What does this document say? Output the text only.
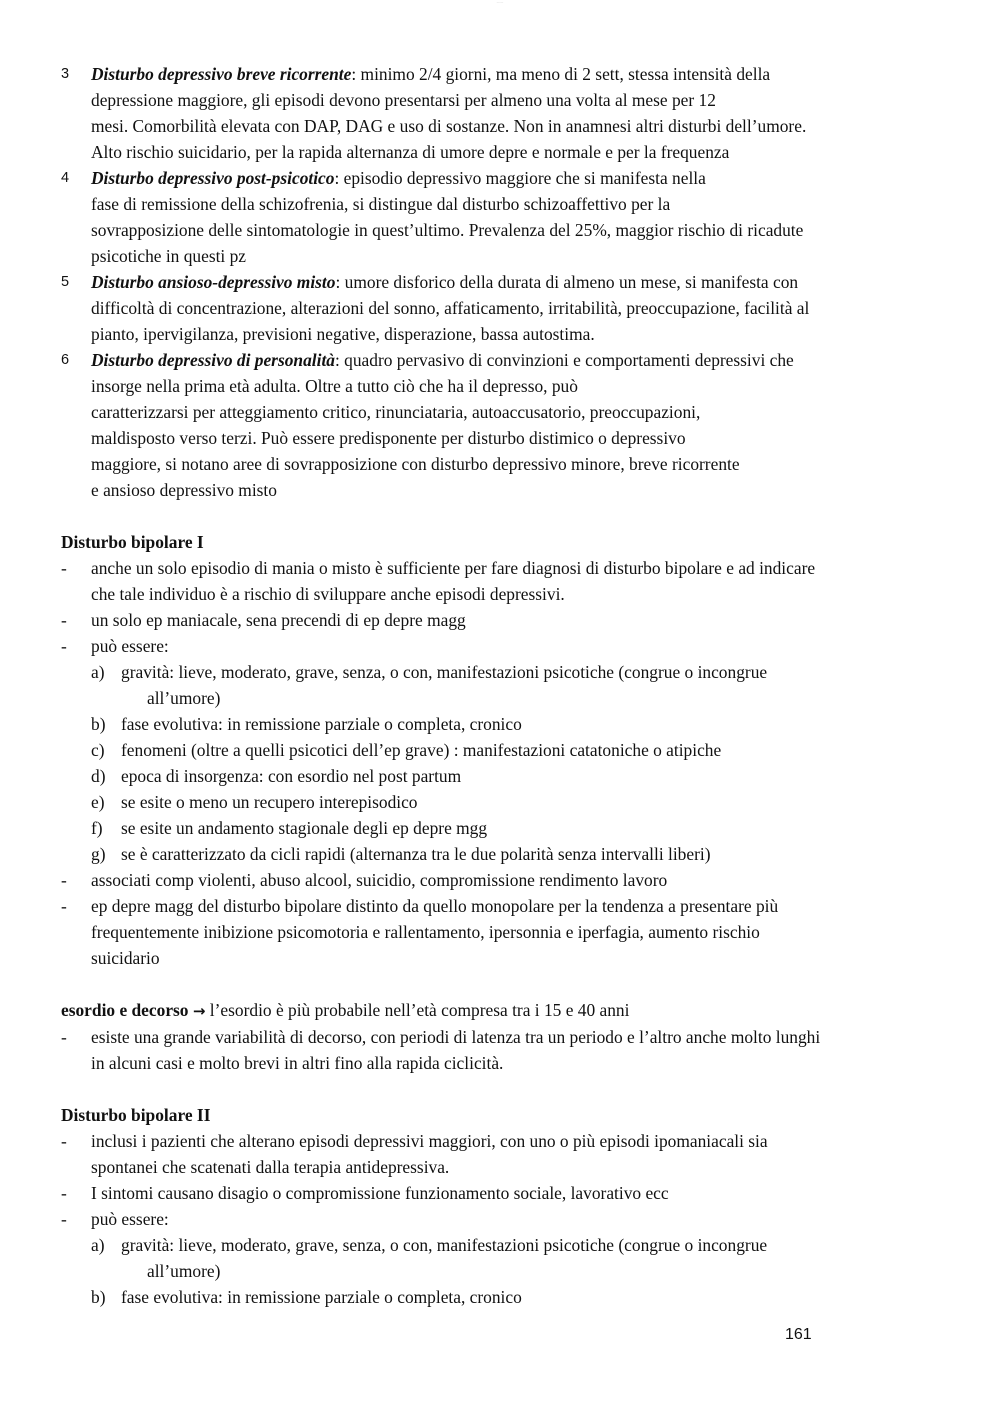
........
3	Disturbo depressivo breve ricorrente: minimo 2/4 giorni, ma meno di 2 sett, stessa intensità della
depressione maggiore, gli episodi devono presentarsi per almeno una volta al mese per 12
mesi. Comorbilità elevata con DAP, DAG e uso di sostanze. Non in anamnesi altri disturbi dell’umore.
Alto rischio suicidario, per la rapida alternanza di umore depre e normale e per la frequenza
4	Disturbo depressivo post-psicotico: episodio depressivo maggiore che si manifesta nella
fase di remissione della schizofrenia, si distingue dal disturbo schizoaffettivo per la
sovrapposizione delle sintomatologie in quest’ultimo. Prevalenza del 25%, maggior rischio di ricadute
psicotiche in questi pz
5	Disturbo ansioso-depressivo misto: umore disforico della durata di almeno un mese, si manifesta con
difficoltà di concentrazione, alterazioni del sonno, affaticamento, irritabilità, preoccupazione, facilità al
pianto, ipervigilanza, previsioni negative, disperazione, bassa autostima.
6	Disturbo depressivo di personalità: quadro pervasivo di convinzioni e comportamenti depressivi che
insorge nella prima età adulta. Oltre a tutto ciò che ha il depresso, può
caratterizzarsi per atteggiamento critico, rinunciataria, autoaccusatorio, preoccupazioni,
maldisposto verso terzi. Può essere predisponente per disturbo distimico o depressivo
maggiore, si notano aree di sovrapposizione con disturbo depressivo minore, breve ricorrente
e ansioso depressivo misto
Disturbo bipolare I
-	anche un solo episodio di mania o misto è sufficiente per fare diagnosi di disturbo bipolare e ad indicare
che tale individuo è a rischio di sviluppare anche episodi depressivi.
-	un solo ep maniacale, sena precendi di ep depre magg
-	può essere:
a) gravità: lieve, moderato, grave, senza, o con, manifestazioni psicotiche (congrue o incongrue
all’umore)
b) fase evolutiva: in remissione parziale o completa, cronico
c) fenomeni (oltre a quelli psicotici dell’ep grave) : manifestazioni catatoniche o atipiche
d) epoca di insorgenza: con esordio nel post partum
e) se esite o meno un recupero interepisodico
f)	se esite un andamento stagionale degli ep depre mgg
g) se è caratterizzato da cicli rapidi (alternanza tra le due polarità senza intervalli liberi)
-	associati comp violenti, abuso alcool, suicidio, compromissione rendimento lavoro
-	ep depre magg del disturbo bipolare distinto da quello monopolare per la tendenza a presentare più
frequentemente inibizione psicomotoria e rallentamento, ipersonnia e iperfagia, aumento rischio
suicidario
esordio e decorso → l’esordio è più probabile nell’età compresa tra i 15 e 40 anni
-	esiste una grande variabilità di decorso, con periodi di latenza tra un periodo e l’altro anche molto lunghi
in alcuni casi e molto brevi in altri fino alla rapida ciclicità.
Disturbo bipolare II
-	inclusi i pazienti che alterano episodi depressivi maggiori, con uno o più episodi ipomaniacali sia
spontanei che scatenati dalla terapia antidepressiva.
-	I sintomi causano disagio o compromissione funzionamento sociale, lavorativo ecc
-	può essere:
a) gravità: lieve, moderato, grave, senza, o con, manifestazioni psicotiche (congrue o incongrue
all’umore)
b) fase evolutiva: in remissione parziale o completa, cronico
161
